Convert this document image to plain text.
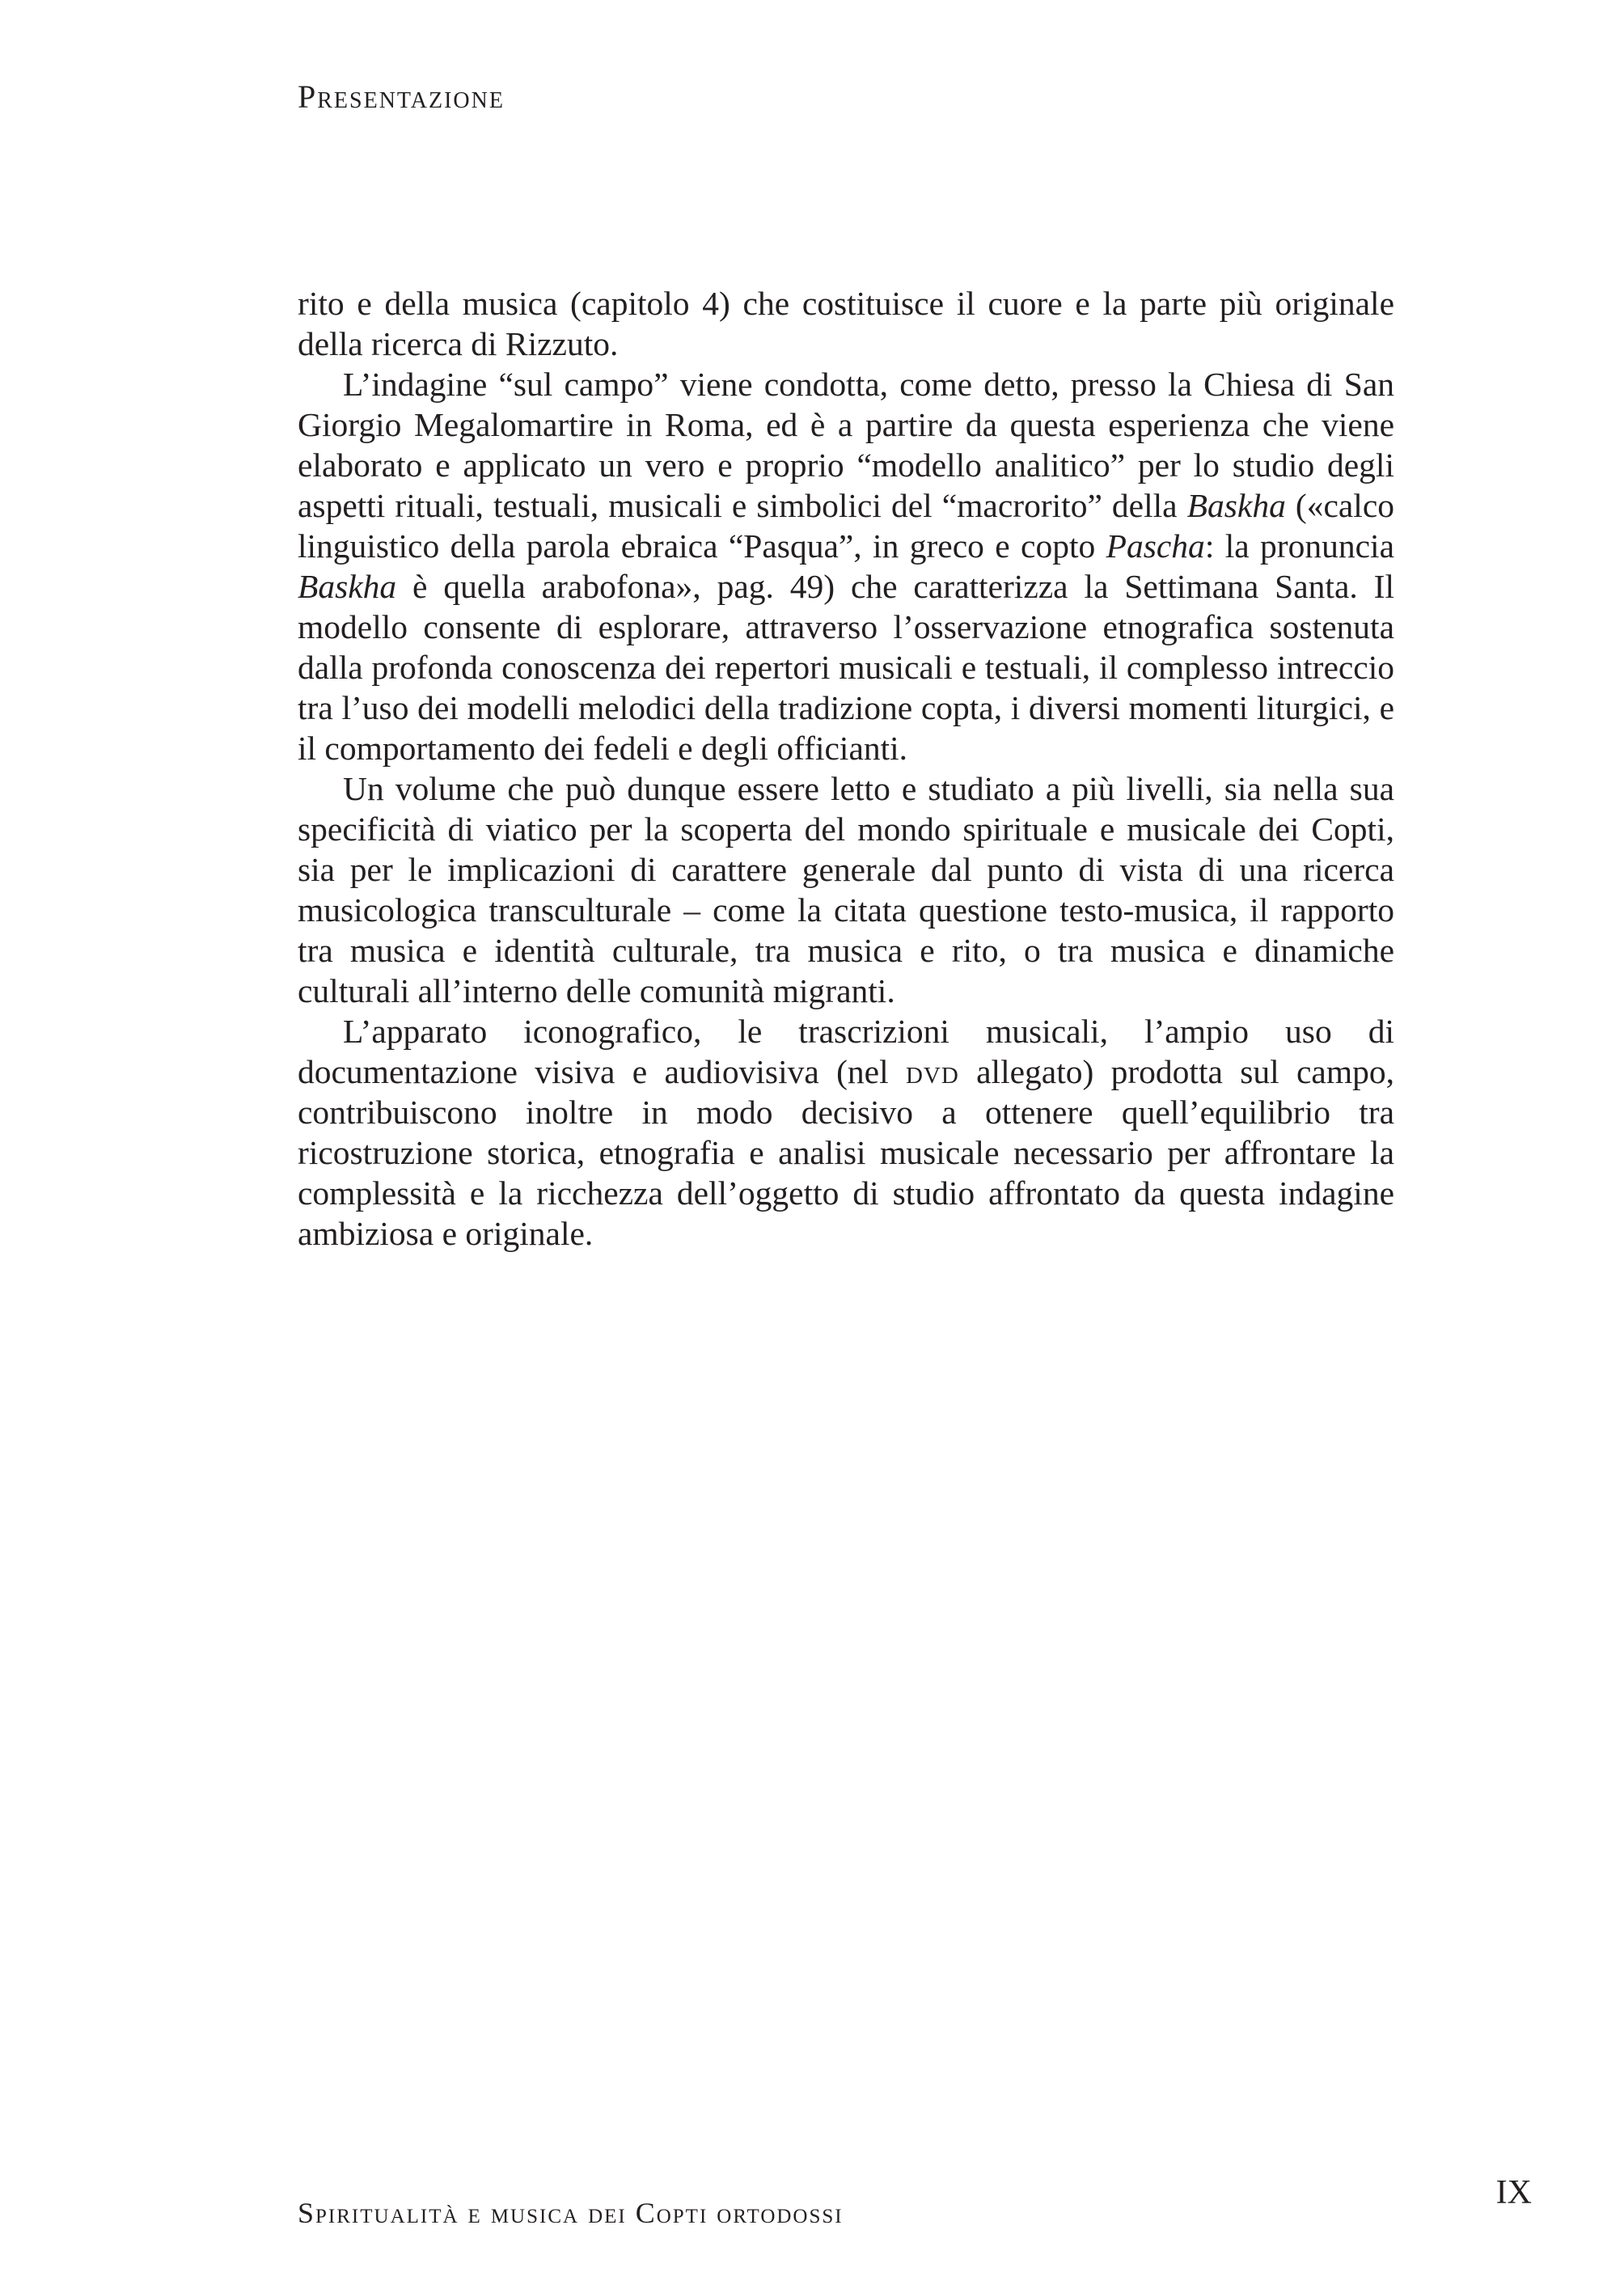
Presentazione

rito e della musica (capitolo 4) che costituisce il cuore e la parte più originale della ricerca di Rizzuto.

L’indagine “sul campo” viene condotta, come detto, presso la Chiesa di San Giorgio Megalomartire in Roma, ed è a partire da questa esperienza che viene elaborato e applicato un vero e proprio “modello analitico” per lo studio degli aspetti rituali, testuali, musicali e simbolici del “macrorito” della Baskha («calco linguistico della parola ebraica “Pasqua”, in greco e copto Pascha: la pronuncia Baskha è quella arabofona», pag. 49) che caratterizza la Settimana Santa. Il modello consente di esplorare, attraverso l’osservazione etnografica sostenuta dalla profonda conoscenza dei repertori musicali e testuali, il complesso intreccio tra l’uso dei modelli melodici della tradizione copta, i diversi momenti liturgici, e il comportamento dei fedeli e degli officianti.

Un volume che può dunque essere letto e studiato a più livelli, sia nella sua specificità di viatico per la scoperta del mondo spirituale e musicale dei Copti, sia per le implicazioni di carattere generale dal punto di vista di una ricerca musicologica transculturale – come la citata questione testo-musica, il rapporto tra musica e identità culturale, tra musica e rito, o tra musica e dinamiche culturali all’interno delle comunità migranti.

L’apparato iconografico, le trascrizioni musicali, l’ampio uso di documentazione visiva e audiovisiva (nel dvd allegato) prodotta sul campo, contribuiscono inoltre in modo decisivo a ottenere quell’equilibrio tra ricostruzione storica, etnografia e analisi musicale necessario per affrontare la complessità e la ricchezza dell’oggetto di studio affrontato da questa indagine ambiziosa e originale.

Spiritualità e musica dei Copti ortodossi
IX
